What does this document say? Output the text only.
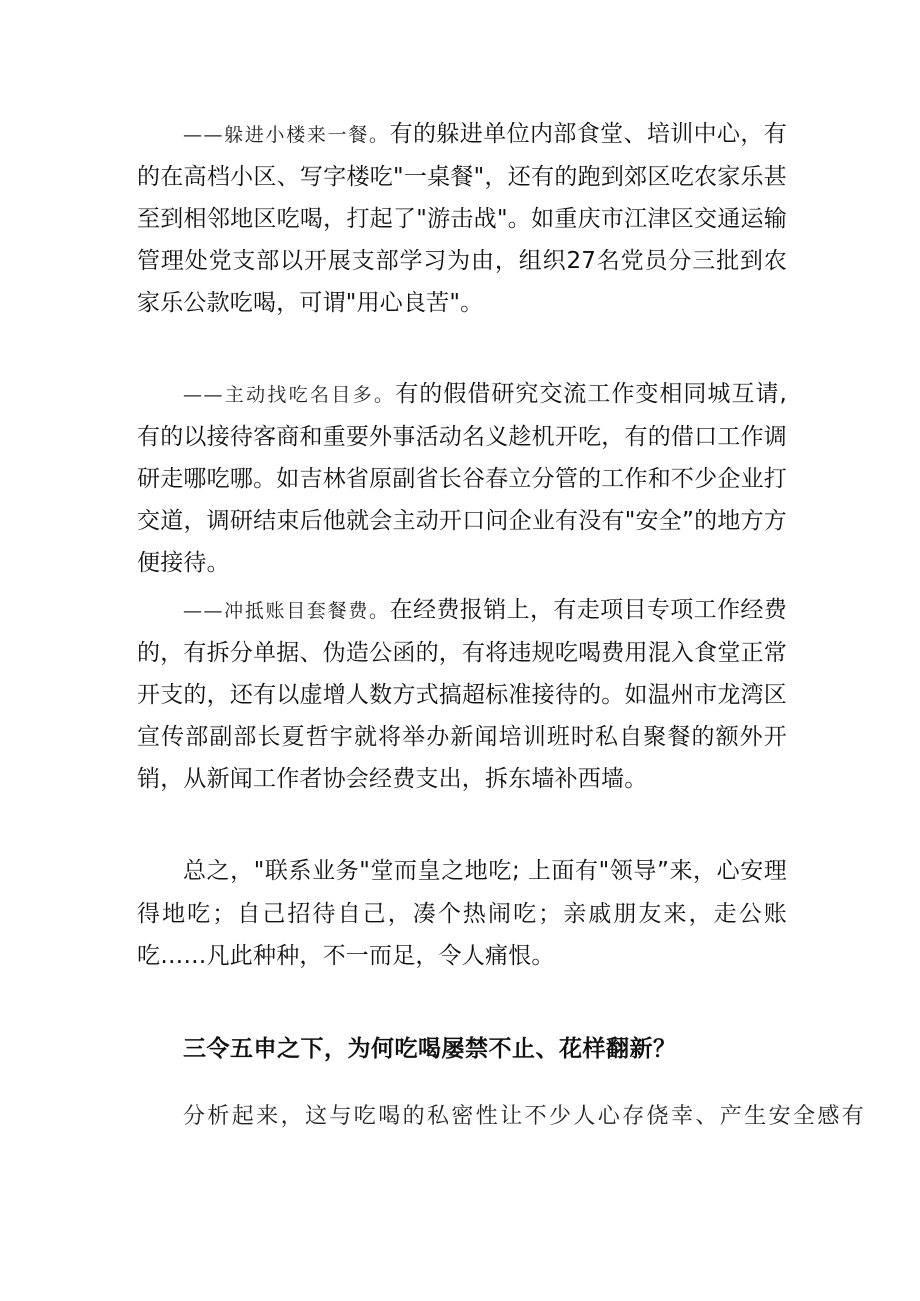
——躲进小楼来一餐。有的躲进单位内部食堂、培训中心，有的在高档小区、写字楼吃"一桌餐"，还有的跑到郊区吃农家乐甚至到相邻地区吃喝，打起了"游击战"。如重庆市江津区交通运输管理处党支部以开展支部学习为由，组织27名党员分三批到农家乐公款吃喝，可谓"用心良苦"。

——主动找吃名目多。有的假借研究交流工作变相同城互请,有的以接待客商和重要外事活动名义趁机开吃，有的借口工作调研走哪吃哪。如吉林省原副省长谷春立分管的工作和不少企业打交道，调研结束后他就会主动开口问企业有没有"安全”的地方方便接待。

——冲抵账目套餐费。在经费报销上，有走项目专项工作经费的，有拆分单据、伪造公函的，有将违规吃喝费用混入食堂正常开支的，还有以虚增人数方式搞超标准接待的。如温州市龙湾区宣传部副部长夏哲宇就将举办新闻培训班时私自聚餐的额外开销，从新闻工作者协会经费支出，拆东墙补西墙。

总之，"联系业务"堂而皇之地吃; 上面有"领导”来，心安理得地吃；自己招待自己，凑个热闹吃；亲戚朋友来，走公账吃……凡此种种，不一而足，令人痛恨。

三令五申之下，为何吃喝屡禁不止、花样翻新？

分析起来，这与吃喝的私密性让不少人心存侥幸、产生安全感有
